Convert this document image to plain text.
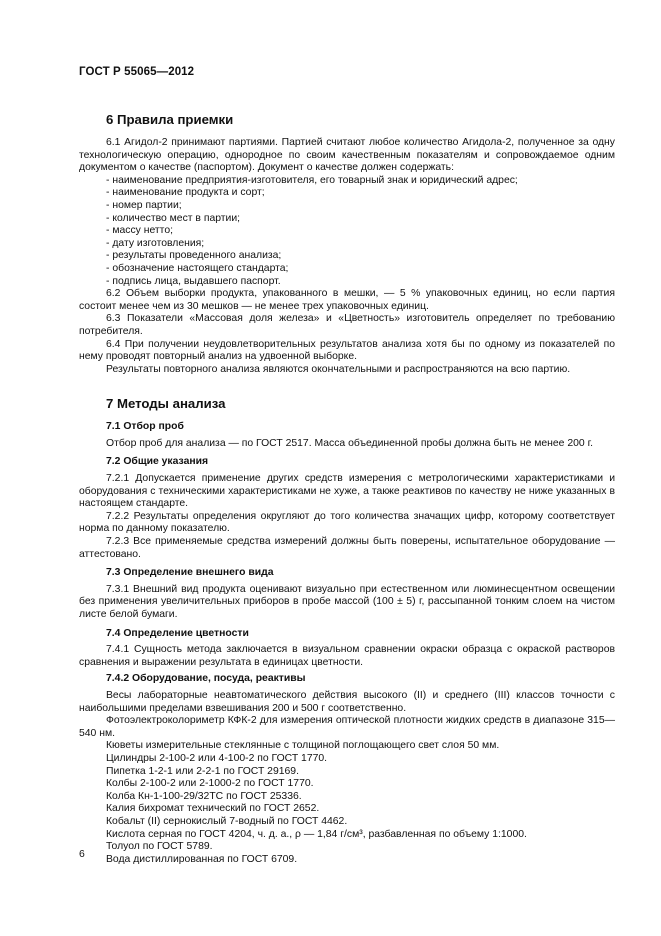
ГОСТ Р 55065—2012

6 Правила приемки

6.1 Агидол-2 принимают партиями. Партией считают любое количество Агидола-2, полученное за одну технологическую операцию, однородное по своим качественным показателям и сопровождаемое одним документом о качестве (паспортом). Документ о качестве должен содержать:

- наименование предприятия-изготовителя, его товарный знак и юридический адрес;

- наименование продукта и сорт;

- номер партии;

- количество мест в партии;

- массу нетто;

- дату изготовления;

- результаты проведенного анализа;

- обозначение настоящего стандарта;

- подпись лица, выдавшего паспорт.

6.2 Объем выборки продукта, упакованного в мешки, — 5 % упаковочных единиц, но если партия состоит менее чем из 30 мешков — не менее трех упаковочных единиц.

6.3 Показатели «Массовая доля железа» и «Цветность» изготовитель определяет по требованию потребителя.

6.4 При получении неудовлетворительных результатов анализа хотя бы по одному из показателей по нему проводят повторный анализ на удвоенной выборке.

Результаты повторного анализа являются окончательными и распространяются на всю партию.

7 Методы анализа

7.1 Отбор проб

Отбор проб для анализа — по ГОСТ 2517. Масса объединенной пробы должна быть не менее 200 г.

7.2 Общие указания

7.2.1 Допускается применение других средств измерения с метрологическими характеристиками и оборудования с техническими характеристиками не хуже, а также реактивов по качеству не ниже указанных в настоящем стандарте.

7.2.2 Результаты определения округляют до того количества значащих цифр, которому соответствует норма по данному показателю.

7.2.3 Все применяемые средства измерений должны быть поверены, испытательное оборудование — аттестовано.

7.3 Определение внешнего вида

7.3.1 Внешний вид продукта оценивают визуально при естественном или люминесцентном освещении без применения увеличительных приборов в пробе массой (100 ± 5) г, рассыпанной тонким слоем на чистом листе белой бумаги.

7.4 Определение цветности

7.4.1 Сущность метода заключается в визуальном сравнении окраски образца с окраской растворов сравнения и выражении результата в единицах цветности.

7.4.2 Оборудование, посуда, реактивы

Весы лабораторные неавтоматического действия высокого (II) и среднего (III) классов точности с наибольшими пределами взвешивания 200 и 500 г соответственно.

Фотоэлектроколориметр КФК-2 для измерения оптической плотности жидких средств в диапазоне 315—540 нм.

Кюветы измерительные стеклянные с толщиной поглощающего свет слоя 50 мм.

Цилиндры 2-100-2 или 4-100-2 по ГОСТ 1770.

Пипетка 1-2-1 или 2-2-1 по ГОСТ 29169.

Колбы 2-100-2 или 2-1000-2 по ГОСТ 1770.

Колба Кн-1-100-29/32ТС по ГОСТ 25336.

Калия бихромат технический по ГОСТ 2652.

Кобальт (II) сернокислый 7-водный по ГОСТ 4462.

Кислота серная по ГОСТ 4204, ч. д. а., ρ — 1,84 г/см³, разбавленная по объему 1:1000.

Толуол по ГОСТ 5789.

Вода дистиллированная по ГОСТ 6709.

6
